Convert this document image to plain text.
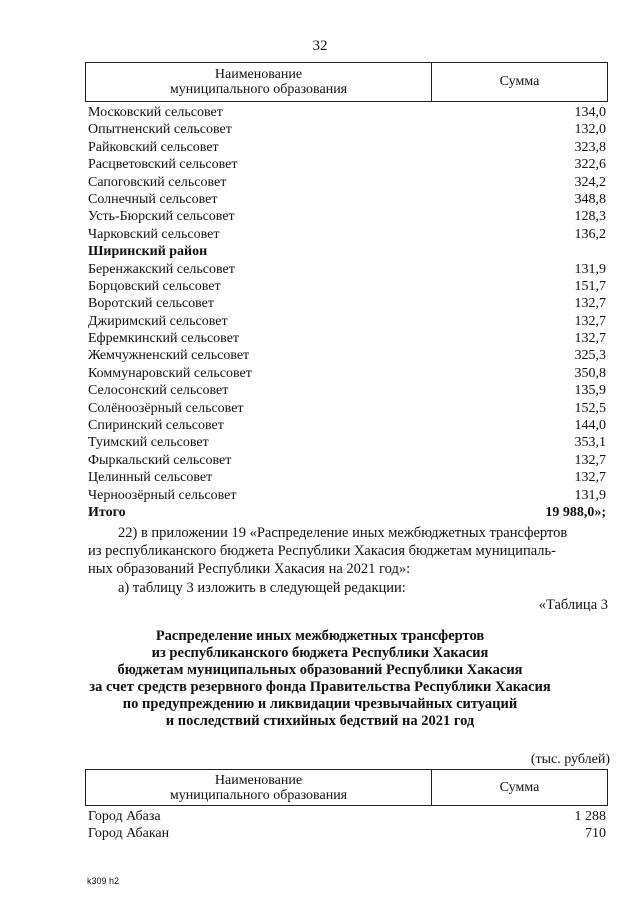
32
Наименование
муниципального образования
Сумма
Московский сельсовет	134,0
Опытненский сельсовет	132,0
Райковский сельсовет	323,8
Расцветовский сельсовет	322,6
Сапоговский сельсовет	324,2
Солнечный сельсовет	348,8
Усть-Бюрский сельсовет	128,3
Чарковский сельсовет	136,2
Ширинский район
Беренжакский сельсовет	131,9
Борцовский сельсовет	151,7
Воротский сельсовет	132,7
Джиримский сельсовет	132,7
Ефремкинский сельсовет	132,7
Жемчужненский сельсовет	325,3
Коммунаровский сельсовет	350,8
Селосонский сельсовет	135,9
Солёноозёрный сельсовет	152,5
Спиринский сельсовет	144,0
Туимский сельсовет	353,1
Фыркальский сельсовет	132,7
Целинный сельсовет	132,7
Черноозёрный сельсовет	131,9
Итого	19 988,0»;
22) в приложении 19 «Распределение иных межбюджетных трансфертов
из республиканского бюджета Республики Хакасия бюджетам муниципаль-
ных образований Республики Хакасия на 2021 год»:
а) таблицу 3 изложить в следующей редакции:
«Таблица 3
Распределение иных межбюджетных трансфертов
из республиканского бюджета Республики Хакасия
бюджетам муниципальных образований Республики Хакасия
за счет средств резервного фонда Правительства Республики Хакасия
по предупреждению и ликвидации чрезвычайных ситуаций
и последствий стихийных бедствий на 2021 год
(тыс. рублей)
Наименование
муниципального образования
Сумма
Город Абаза	1 288
Город Абакан	710
k309 h2
